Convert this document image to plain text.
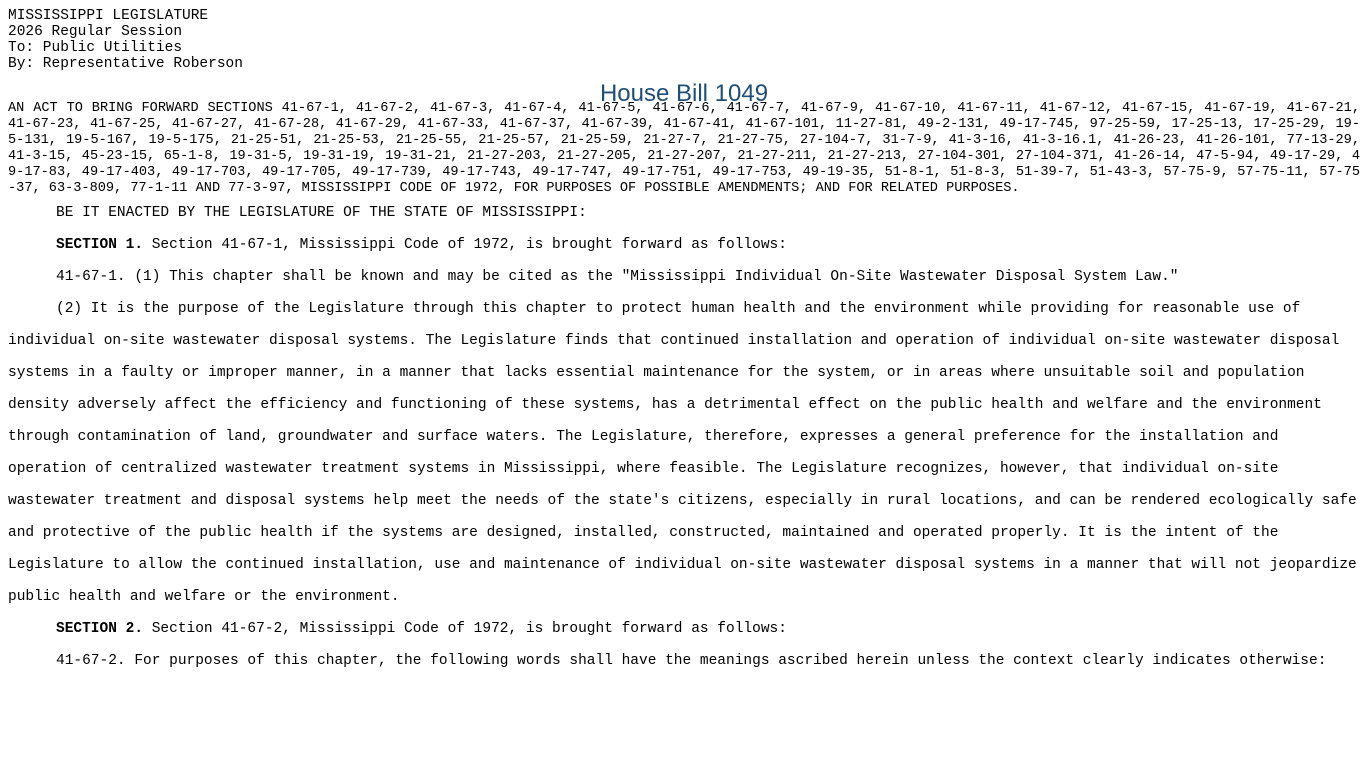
MISSISSIPPI LEGISLATURE

2026 Regular Session

To: Public Utilities

By: Representative Roberson

House Bill 1049

AN ACT TO BRING FORWARD SECTIONS 41-67-1, 41-67-2, 41-67-3, 41-67-4, 41-67-5, 41-67-6, 41-67-7, 41-67-9, 41-67-10, 41-67-11, 41-67-12, 41-67-15, 41-67-19, 41-67-21, 41-67-23, 41-67-25, 41-67-27, 41-67-28, 41-67-29, 41-67-33, 41-67-37, 41-67-39, 41-67-41, 41-67-101, 11-27-81, 49-2-131, 49-17-745, 97-25-59, 17-25-13, 17-25-29, 19-5-131, 19-5-167, 19-5-175, 21-25-51, 21-25-53, 21-25-55, 21-25-57, 21-25-59, 21-27-7, 21-27-75, 27-104-7, 31-7-9, 41-3-16, 41-3-16.1, 41-26-23, 41-26-101, 77-13-29, 41-3-15, 45-23-15, 65-1-8, 19-31-5, 19-31-19, 19-31-21, 21-27-203, 21-27-205, 21-27-207, 21-27-211, 21-27-213, 27-104-301, 27-104-371, 41-26-14, 47-5-94, 49-17-29, 49-17-83, 49-17-403, 49-17-703, 49-17-705, 49-17-739, 49-17-743, 49-17-747, 49-17-751, 49-17-753, 49-19-35, 51-8-1, 51-8-3, 51-39-7, 51-43-3, 57-75-9, 57-75-11, 57-75-37, 63-3-809, 77-1-11 AND 77-3-97, MISSISSIPPI CODE OF 1972, FOR PURPOSES OF POSSIBLE AMENDMENTS; AND FOR RELATED PURPOSES.

BE IT ENACTED BY THE LEGISLATURE OF THE STATE OF MISSISSIPPI:

SECTION 1. Section 41-67-1, Mississippi Code of 1972, is brought forward as follows:

41-67-1. (1) This chapter shall be known and may be cited as the "Mississippi Individual On-Site Wastewater Disposal System Law."

(2) It is the purpose of the Legislature through this chapter to protect human health and the environment while providing for reasonable use of individual on-site wastewater disposal systems. The Legislature finds that continued installation and operation of individual on-site wastewater disposal systems in a faulty or improper manner, in a manner that lacks essential maintenance for the system, or in areas where unsuitable soil and population density adversely affect the efficiency and functioning of these systems, has a detrimental effect on the public health and welfare and the environment through contamination of land, groundwater and surface waters. The Legislature, therefore, expresses a general preference for the installation and operation of centralized wastewater treatment systems in Mississippi, where feasible. The Legislature recognizes, however, that individual on-site wastewater treatment and disposal systems help meet the needs of the state's citizens, especially in rural locations, and can be rendered ecologically safe and protective of the public health if the systems are designed, installed, constructed, maintained and operated properly. It is the intent of the Legislature to allow the continued installation, use and maintenance of individual on-site wastewater disposal systems in a manner that will not jeopardize public health and welfare or the environment.

SECTION 2. Section 41-67-2, Mississippi Code of 1972, is brought forward as follows:

41-67-2. For purposes of this chapter, the following words shall have the meanings ascribed herein unless the context clearly indicates otherwise:
